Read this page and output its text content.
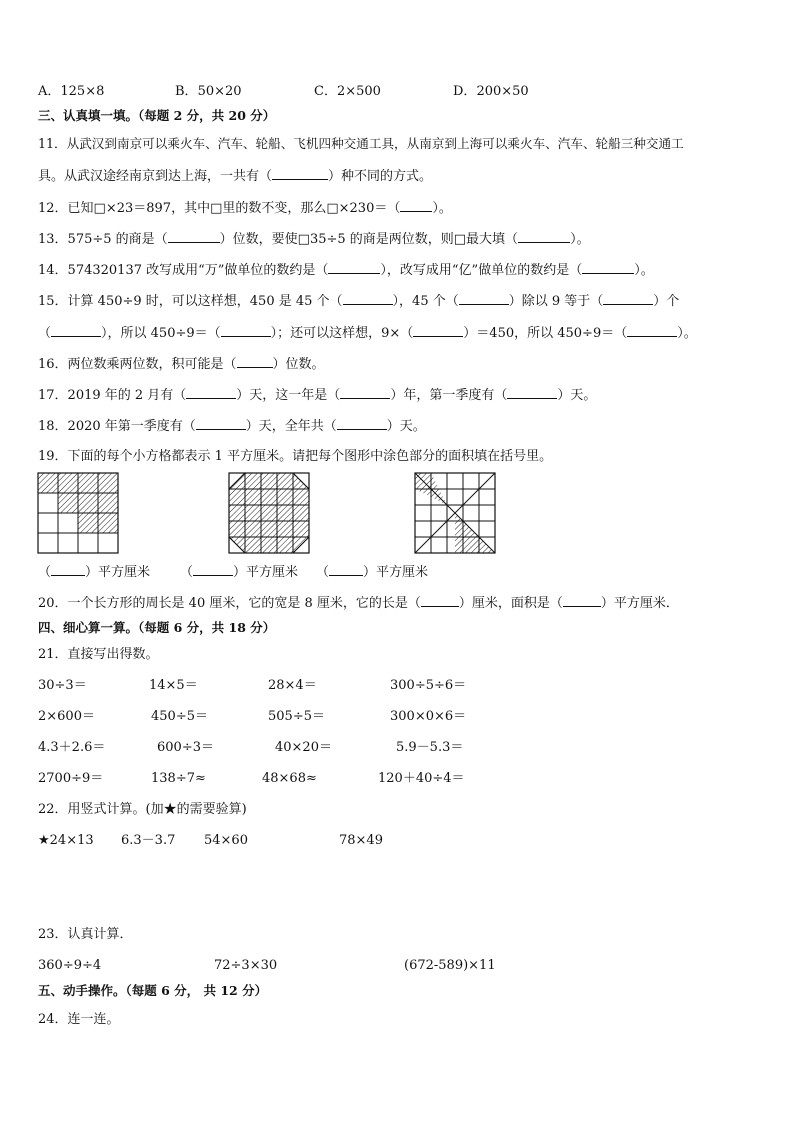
A．125×8	B．50×20	C．2×500	D．200×50
三、认真填一填。（每题 2 分，共 20 分）
11．从武汉到南京可以乘火车、汽车、轮船、飞机四种交通工具，从南京到上海可以乘火车、汽车、轮船三种交通工
具。从武汉途经南京到达上海，一共有（	）种不同的方式。
12．已知□×23＝897，其中□里的数不变，那么□×230＝（ ）。
13．575÷5 的商是（	）位数，要使□35÷5 的商是两位数，则□最大填（	）。
14．574320137 改写成用“万”做单位的数约是（	），改写成用“亿”做单位的数约是（	）。
15．计算 450÷9 时，可以这样想，450 是 45 个（	），45 个（	）除以 9 等于（	）个
（	），所以 450÷9＝（	）；还可以这样想，9×（	）＝450，所以 450÷9＝（	）。
16．两位数乘两位数，积可能是（	）位数。
17．2019 年的 2 月有（	）天，这一年是（	）年，第一季度有（	）天。
18．2020 年第一季度有（	）天，全年共（	）天。
19．下面的每个小方格都表示 1 平方厘米。请把每个图形中涂色部分的面积填在括号里。
（	）平方厘米 （	）平方厘米 （	）平方厘米
20．一个长方形的周长是 40 厘米，它的宽是 8 厘米，它的长是（	）厘米，面积是（	）平方厘米．
四、细心算一算。（每题 6 分，共 18 分）
21．直接写出得数。
30÷3＝	14×5＝	28×4＝	300÷5÷6＝
2×600＝	450÷5＝	505÷5＝	300×0×6＝
4.3＋2.6＝	600÷3＝	40×20＝	5.9－5.3＝
2700÷9＝	138÷7≈	48×68≈	120＋40÷4＝
22．用竖式计算。(加★的需要验算)
★24×13 6.3－3.7 54×60	78×49
23．认真计算．
360÷9÷4	72÷3×30	(672-589)×11
五、动手操作。（每题 6 分， 共 12 分）
24．连一连。
